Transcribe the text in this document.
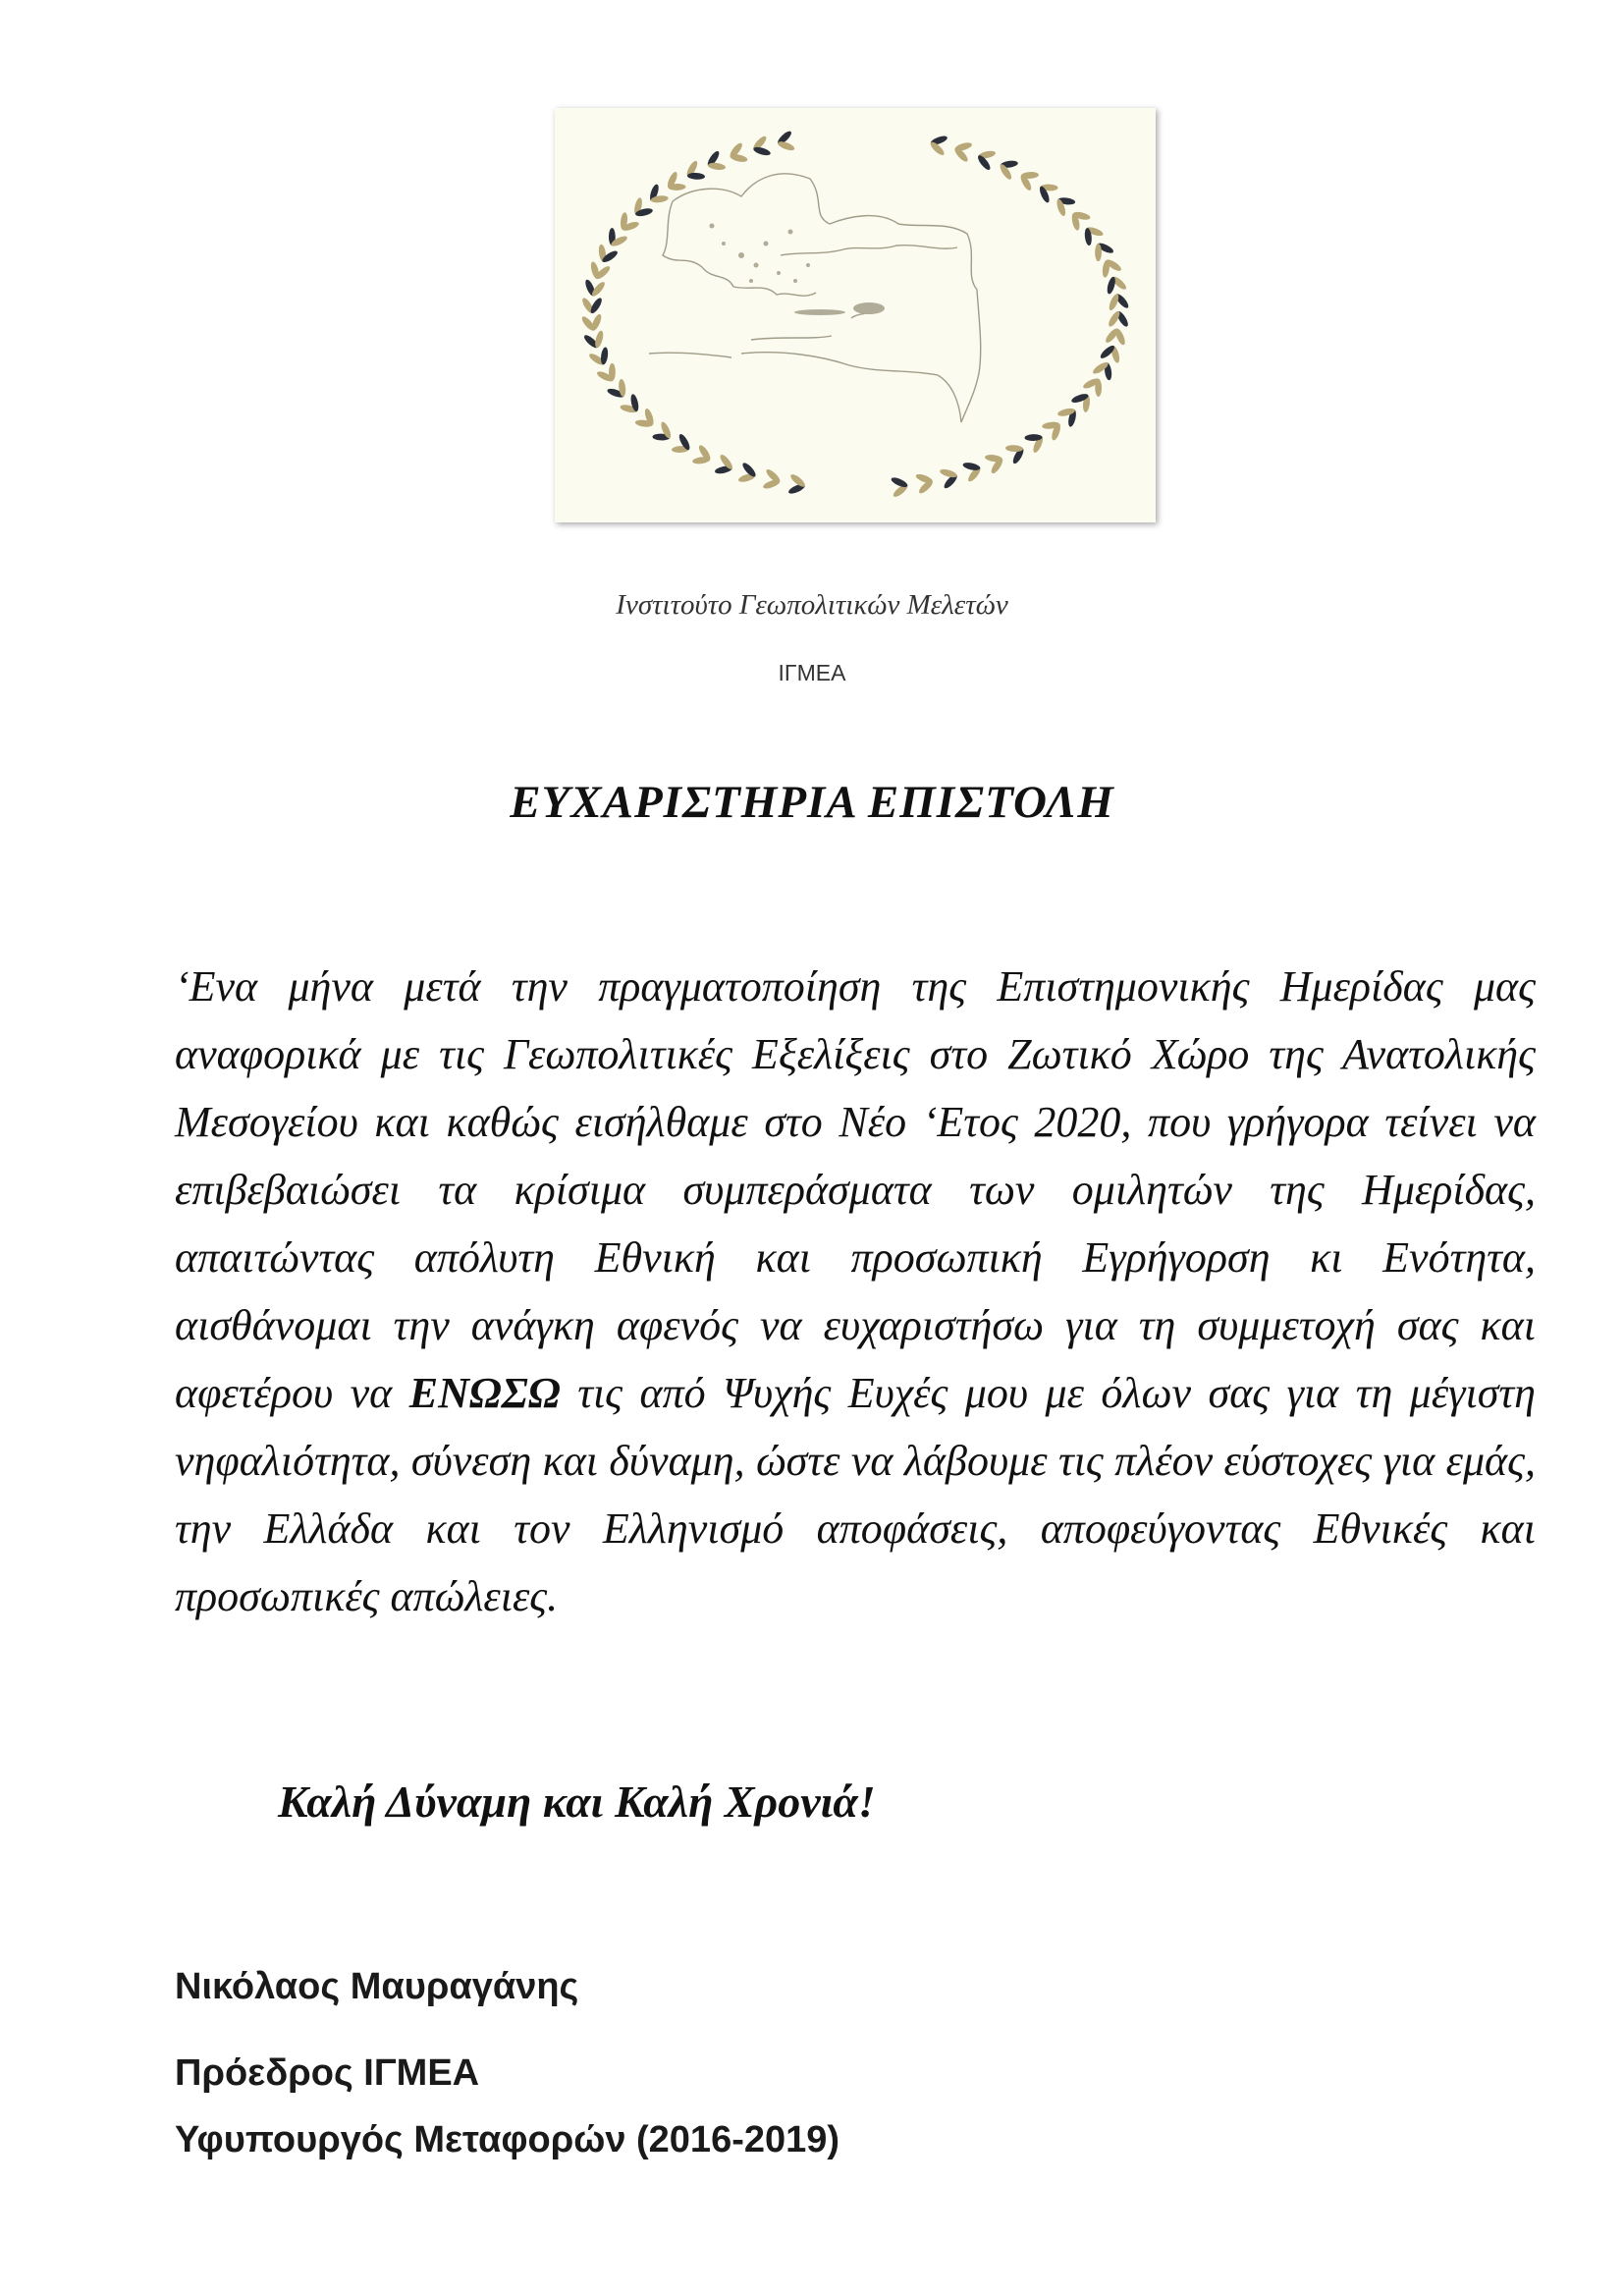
Ινστιτούτο Γεωπολιτικών Μελετών
ΙΓΜΕΑ
ΕΥΧΑΡΙΣΤΗΡΙΑ ΕΠΙΣΤΟΛΗ
‘Ενα μήνα μετά την πραγματοποίηση της Επιστημονικής Ημερίδας μας αναφορικά με τις Γεωπολιτικές Εξελίξεις στο Ζωτικό Χώρο της Ανατολικής Μεσογείου και καθώς εισήλθαμε στο Νέο ‘Ετος 2020, που γρήγορα τείνει να επιβεβαιώσει τα κρίσιμα συμπεράσματα των ομιλητών της Ημερίδας, απαιτώντας απόλυτη Εθνική και προσωπική Εγρήγορση κι Ενότητα, αισθάνομαι την ανάγκη αφενός να ευχαριστήσω για τη συμμετοχή σας και αφετέρου να ΕΝΩΣΩ τις από Ψυχής Ευχές μου με όλων σας για τη μέγιστη νηφαλιότητα, σύνεση και δύναμη, ώστε να λάβουμε τις πλέον εύστοχες για εμάς, την Ελλάδα και τον Ελληνισμό αποφάσεις, αποφεύγοντας Εθνικές και προσωπικές απώλειες.
Καλή Δύναμη και Καλή Χρονιά!
Νικόλαος Μαυραγάνης
Πρόεδρος ΙΓΜΕΑ
Υφυπουργός Μεταφορών (2016-2019)
